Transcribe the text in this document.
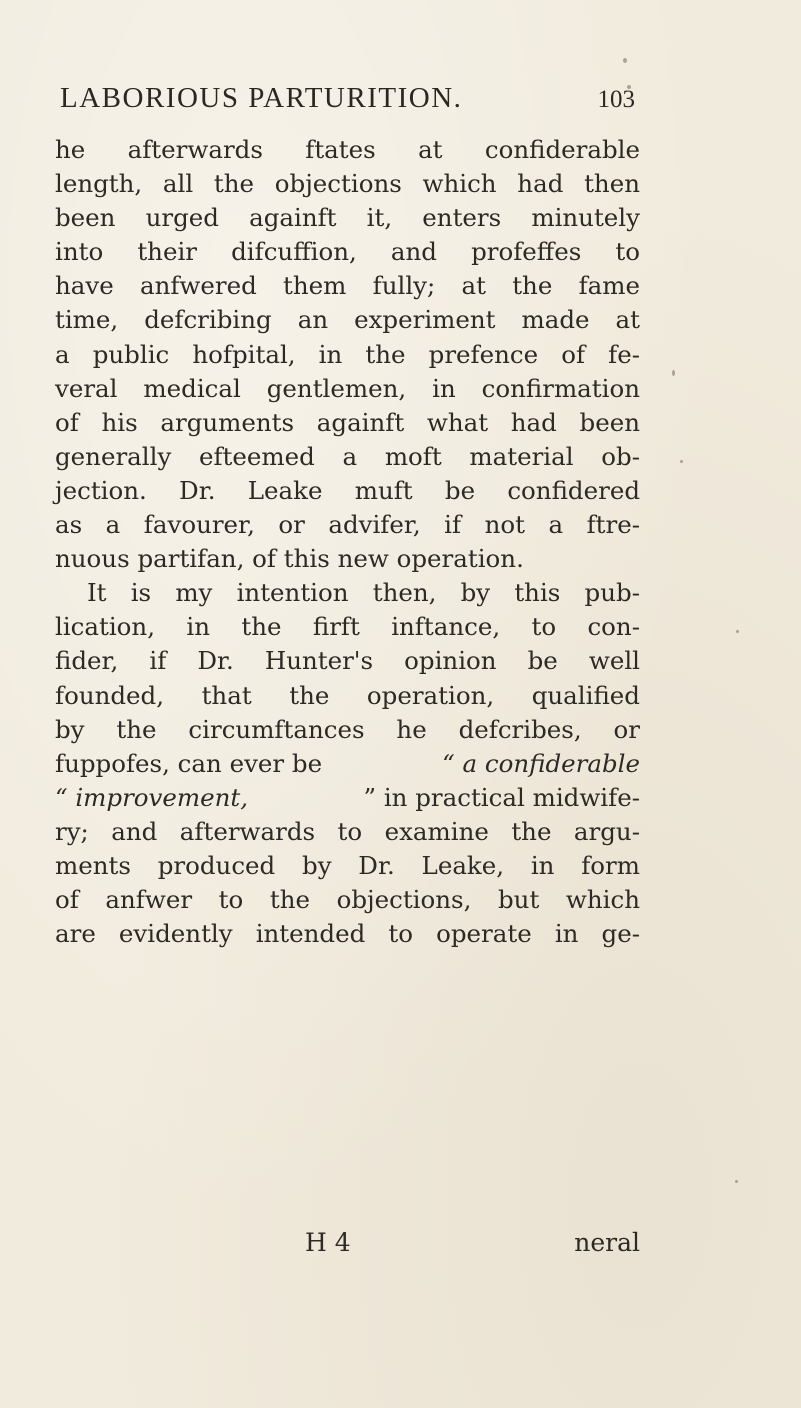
LABORIOUS PARTURITION.	103
he afterwards ftates at confiderable
length, all the objections which had then
been urged againft it, enters minutely
into their difcuffion, and profeffes to
have anfwered them fully; at the fame
time, defcribing an experiment made at
a public hofpital, in the prefence of fe-
veral medical gentlemen, in confirmation
of his arguments againft what had been
generally efteemed a moft material ob-
jection. Dr. Leake muft be confidered
as a favourer, or advifer, if not a ftre-
nuous partifan, of this new operation.
It is my intention then, by this pub-
lication, in the firft inftance, to con-
fider, if Dr. Hunter's opinion be well
founded, that the operation, qualified
by the circumftances he defcribes, or
fuppofes, can ever be	“ a confiderable
“ improvement,	” in practical midwife-
ry; and afterwards to examine the argu-
ments produced by Dr. Leake, in form
of anfwer to the objections, but which
are evidently intended to operate in ge-
H 4	neral
